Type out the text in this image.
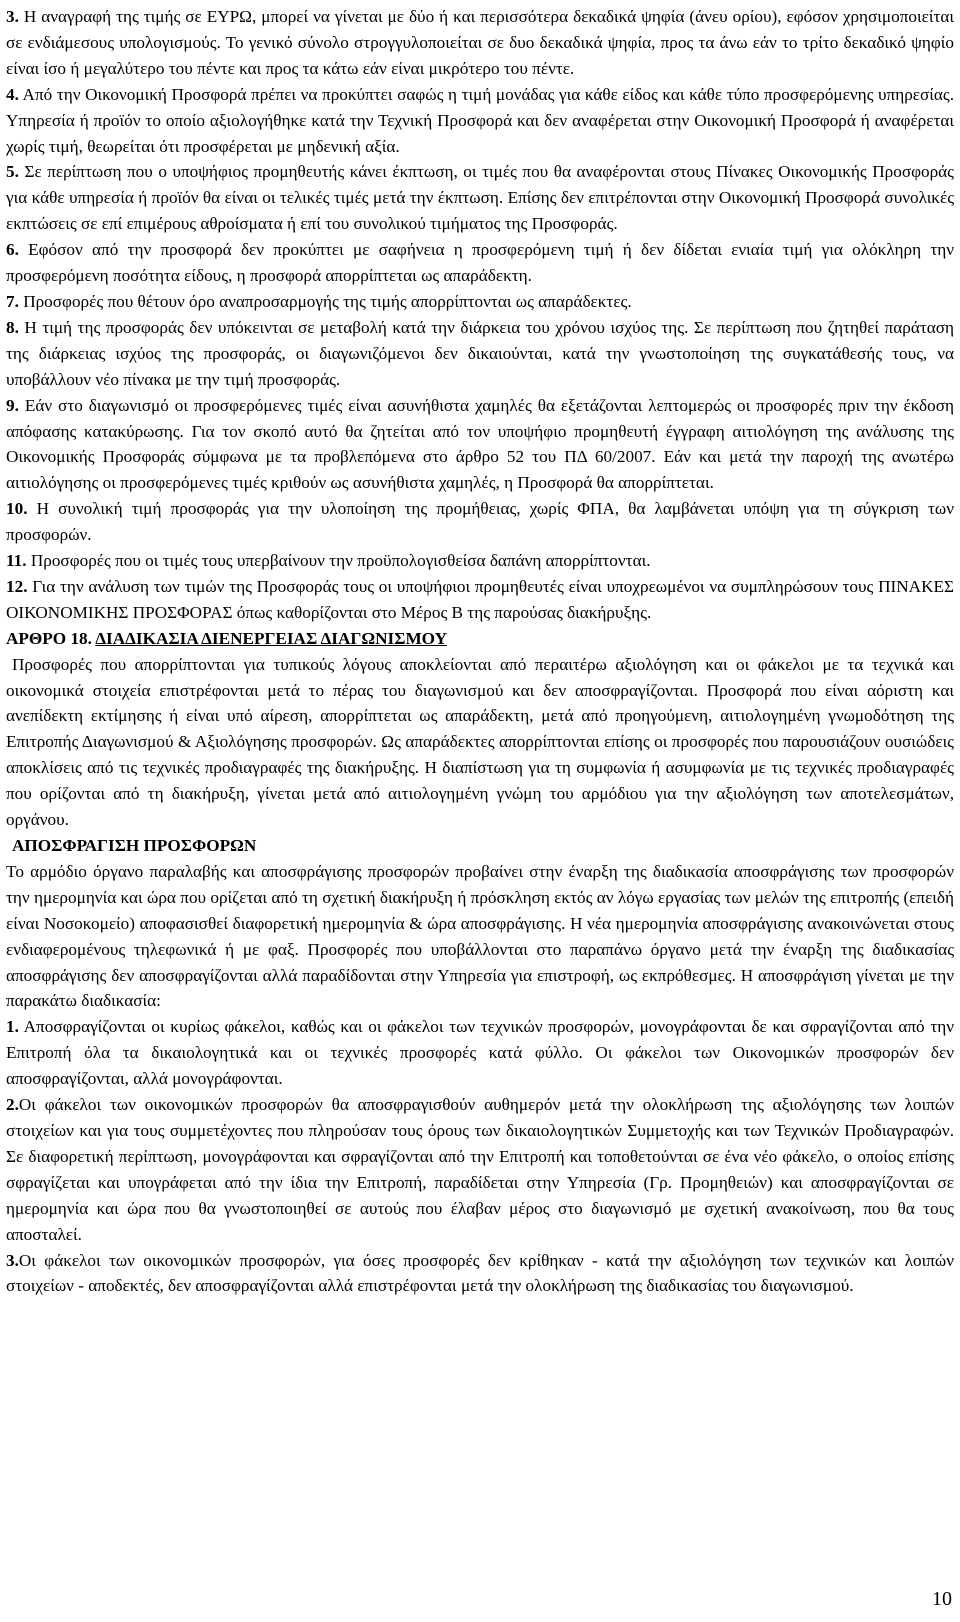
3. Η αναγραφή της τιμής σε ΕΥΡΩ, μπορεί να γίνεται με δύο ή και περισσότερα δεκαδικά ψηφία (άνευ ορίου), εφόσον χρησιμοποιείται σε ενδιάμεσους υπολογισμούς. Το γενικό σύνολο στρογγυλοποιείται σε δυο δεκαδικά ψηφία, προς τα άνω εάν το τρίτο δεκαδικό ψηφίο είναι ίσο ή μεγαλύτερο του πέντε και προς τα κάτω εάν είναι μικρότερο του πέντε.

4. Από την Οικονομική Προσφορά πρέπει να προκύπτει σαφώς η τιμή μονάδας για κάθε είδος και κάθε τύπο προσφερόμενης υπηρεσίας. Υπηρεσία ή προϊόν το οποίο αξιολογήθηκε κατά την Τεχνική Προσφορά και δεν αναφέρεται στην Οικονομική Προσφορά ή αναφέρεται χωρίς τιμή, θεωρείται ότι προσφέρεται με μηδενική αξία.

5. Σε περίπτωση που ο υποψήφιος προμηθευτής κάνει έκπτωση, οι τιμές που θα αναφέρονται στους Πίνακες Οικονομικής Προσφοράς για κάθε υπηρεσία ή προϊόν θα είναι οι τελικές τιμές μετά την έκπτωση. Επίσης δεν επιτρέπονται στην Οικονομική Προσφορά συνολικές εκπτώσεις σε επί επιμέρους αθροίσματα ή επί του συνολικού τιμήματος της Προσφοράς.

6. Εφόσον από την προσφορά δεν προκύπτει με σαφήνεια η προσφερόμενη τιμή ή δεν δίδεται ενιαία τιμή για ολόκληρη την προσφερόμενη ποσότητα είδους, η προσφορά απορρίπτεται ως απαράδεκτη.

7. Προσφορές που θέτουν όρο αναπροσαρμογής της τιμής απορρίπτονται ως απαράδεκτες.

8. Η τιμή της προσφοράς δεν υπόκεινται σε μεταβολή κατά την διάρκεια του χρόνου ισχύος της. Σε περίπτωση που ζητηθεί παράταση της διάρκειας ισχύος της προσφοράς, οι διαγωνιζόμενοι δεν δικαιούνται, κατά την γνωστοποίηση της συγκατάθεσής τους, να υποβάλλουν νέο πίνακα με την τιμή προσφοράς.

9. Εάν στο διαγωνισμό οι προσφερόμενες τιμές είναι ασυνήθιστα χαμηλές θα εξετάζονται λεπτομερώς οι προσφορές πριν την έκδοση απόφασης κατακύρωσης. Για τον σκοπό αυτό θα ζητείται από τον υποψήφιο προμηθευτή έγγραφη αιτιολόγηση της ανάλυσης της Οικονομικής Προσφοράς σύμφωνα με τα προβλεπόμενα στο άρθρο 52 του ΠΔ 60/2007. Εάν και μετά την παροχή της ανωτέρω αιτιολόγησης οι προσφερόμενες τιμές κριθούν ως ασυνήθιστα χαμηλές, η Προσφορά θα απορρίπτεται.

10. Η συνολική τιμή προσφοράς για την υλοποίηση της προμήθειας, χωρίς ΦΠΑ, θα λαμβάνεται υπόψη για τη σύγκριση των προσφορών.

11. Προσφορές που οι τιμές τους υπερβαίνουν την προϋπολογισθείσα δαπάνη απορρίπτονται.

12. Για την ανάλυση των τιμών της Προσφοράς τους οι υποψήφιοι προμηθευτές είναι υποχρεωμένοι να συμπληρώσουν τους ΠΙΝΑΚΕΣ ΟΙΚΟΝΟΜΙΚΗΣ ΠΡΟΣΦΟΡΑΣ όπως καθορίζονται στο Μέρος Β της παρούσας διακήρυξης.

ΑΡΘΡΟ 18. ΔΙΑΔΙΚΑΣΙΑ ΔΙΕΝΕΡΓΕΙΑΣ ΔΙΑΓΩΝΙΣΜΟΥ

Προσφορές που απορρίπτονται για τυπικούς λόγους αποκλείονται από περαιτέρω αξιολόγηση και οι φάκελοι με τα τεχνικά και οικονομικά στοιχεία επιστρέφονται μετά το πέρας του διαγωνισμού και δεν αποσφραγίζονται. Προσφορά που είναι αόριστη και ανεπίδεκτη εκτίμησης ή είναι υπό αίρεση, απορρίπτεται ως απαράδεκτη, μετά από προηγούμενη, αιτιολογημένη γνωμοδότηση της Επιτροπής Διαγωνισμού & Αξιολόγησης προσφορών. Ως απαράδεκτες απορρίπτονται επίσης οι προσφορές που παρουσιάζουν ουσιώδεις αποκλίσεις από τις τεχνικές προδιαγραφές της διακήρυξης. Η διαπίστωση για τη συμφωνία ή ασυμφωνία με τις τεχνικές προδιαγραφές που ορίζονται από τη διακήρυξη, γίνεται μετά από αιτιολογημένη γνώμη του αρμόδιου για την αξιολόγηση των αποτελεσμάτων, οργάνου.

ΑΠΟΣΦΡΑΓΙΣΗ ΠΡΟΣΦΟΡΩΝ

Το αρμόδιο όργανο παραλαβής και αποσφράγισης προσφορών προβαίνει στην έναρξη της διαδικασία αποσφράγισης των προσφορών την ημερομηνία και ώρα που ορίζεται από τη σχετική διακήρυξη ή πρόσκληση εκτός αν λόγω εργασίας των μελών της επιτροπής (επειδή είναι Νοσοκομείο) αποφασισθεί διαφορετική ημερομηνία & ώρα αποσφράγισης. Η νέα ημερομηνία αποσφράγισης ανακοινώνεται στους ενδιαφερομένους τηλεφωνικά ή με φαξ. Προσφορές που υποβάλλονται στο παραπάνω όργανο μετά την έναρξη της διαδικασίας αποσφράγισης δεν αποσφραγίζονται αλλά παραδίδονται στην Υπηρεσία για επιστροφή, ως εκπρόθεσμες. Η αποσφράγιση γίνεται με την παρακάτω διαδικασία:

1. Αποσφραγίζονται οι κυρίως φάκελοι, καθώς και οι φάκελοι των τεχνικών προσφορών, μονογράφονται δε και σφραγίζονται από την Επιτροπή όλα τα δικαιολογητικά και οι τεχνικές προσφορές κατά φύλλο. Οι φάκελοι των Οικονομικών προσφορών δεν αποσφραγίζονται, αλλά μονογράφονται.

2.Οι φάκελοι των οικονομικών προσφορών θα αποσφραγισθούν αυθημερόν μετά την ολοκλήρωση της αξιολόγησης των λοιπών στοιχείων και για τους συμμετέχοντες που πληρούσαν τους όρους των δικαιολογητικών Συμμετοχής και των Τεχνικών Προδιαγραφών. Σε διαφορετική περίπτωση, μονογράφονται και σφραγίζονται από την Επιτροπή και τοποθετούνται σε ένα νέο φάκελο, ο οποίος επίσης σφραγίζεται και υπογράφεται από την ίδια την Επιτροπή, παραδίδεται στην Υπηρεσία (Γρ. Προμηθειών) και αποσφραγίζονται σε ημερομηνία και ώρα που θα γνωστοποιηθεί σε αυτούς που έλαβαν μέρος στο διαγωνισμό με σχετική ανακοίνωση, που θα τους αποσταλεί.

3.Οι φάκελοι των οικονομικών προσφορών, για όσες προσφορές δεν κρίθηκαν - κατά την αξιολόγηση των τεχνικών και λοιπών στοιχείων - αποδεκτές, δεν αποσφραγίζονται αλλά επιστρέφονται μετά την ολοκλήρωση της διαδικασίας του διαγωνισμού.

10
